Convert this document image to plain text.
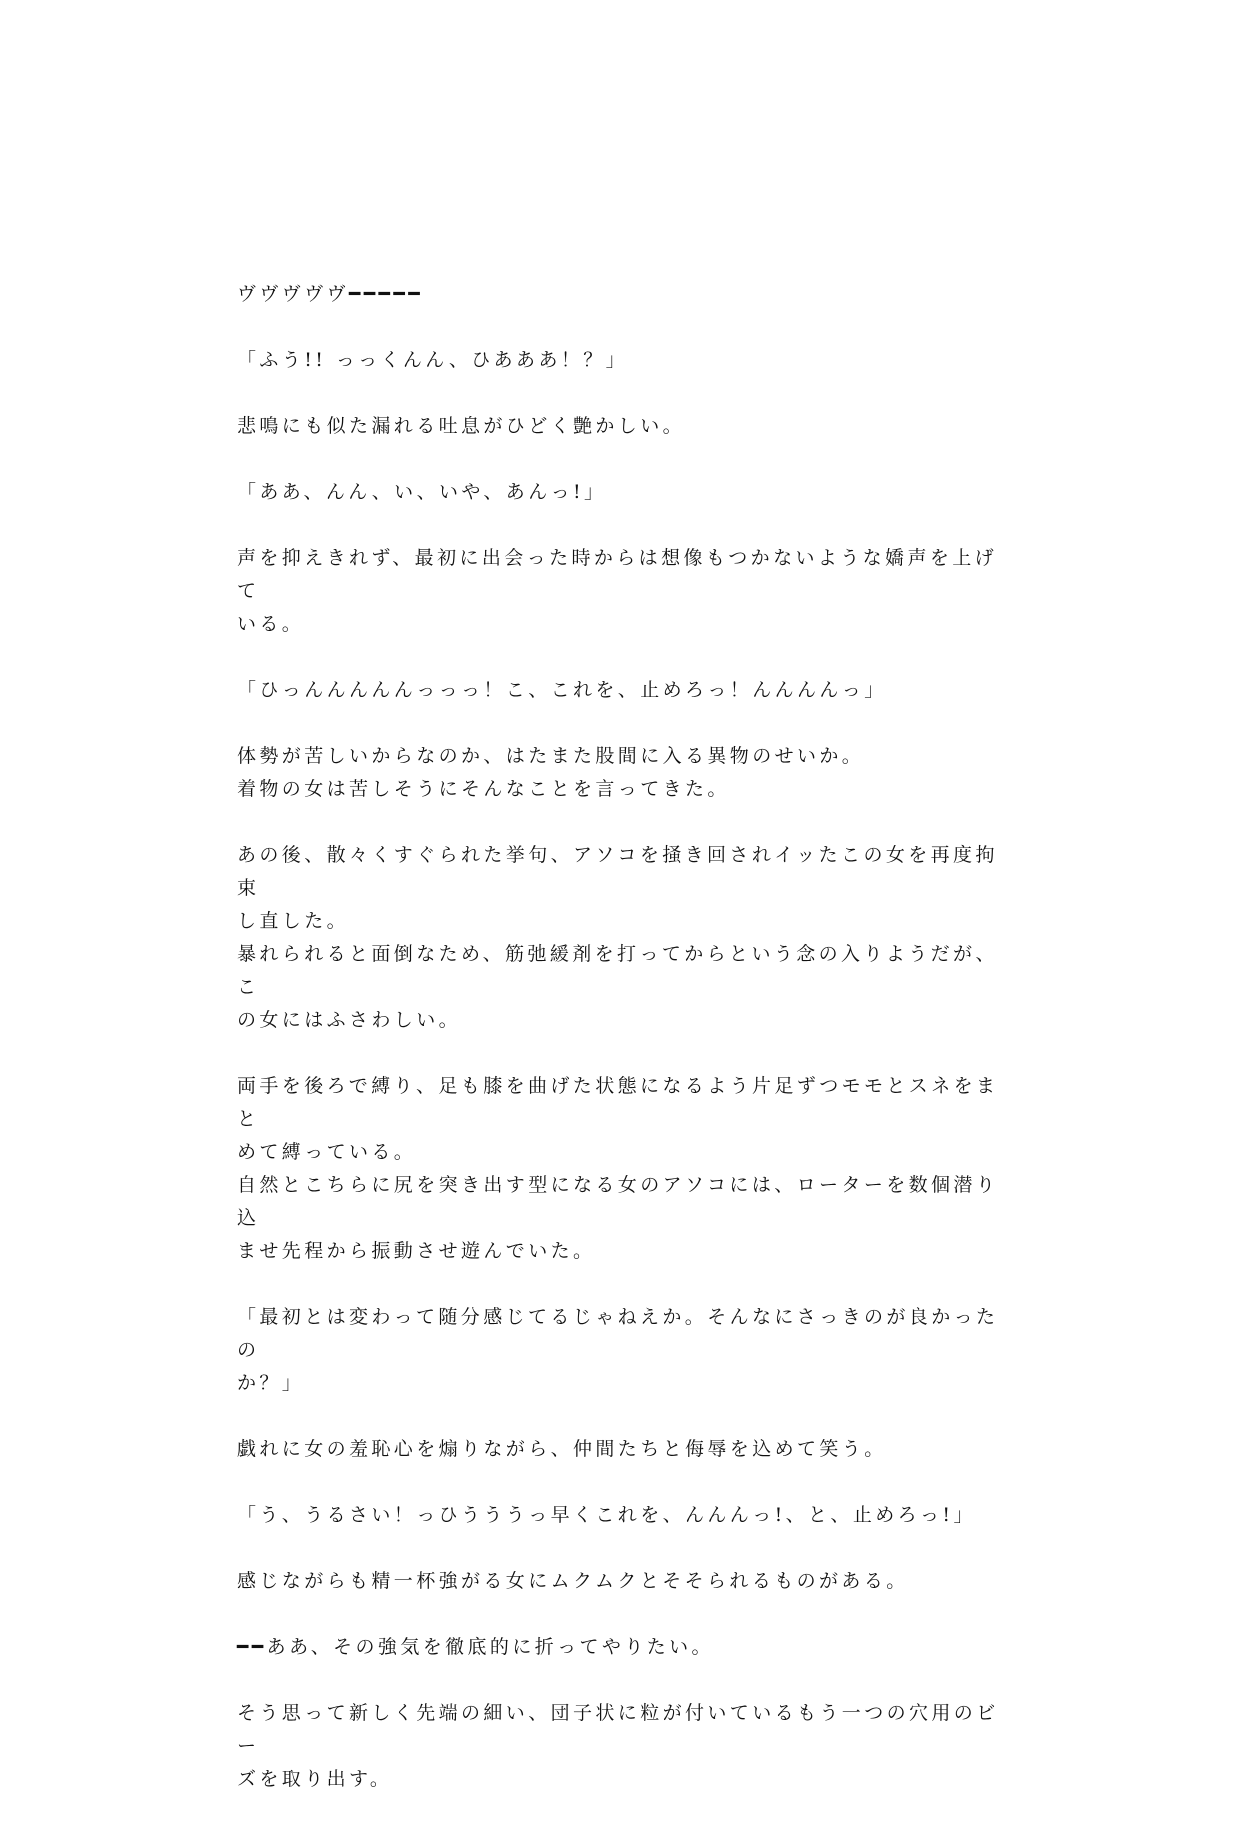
ヴヴヴヴヴ━━━━━

「ふう!! っっくんん、ひあああ！？」

悲鳴にも似た漏れる吐息がひどく艶かしい。

「ああ、んん、い、いや、あんっ!」

声を抑えきれず、最初に出会った時からは想像もつかないような嬌声を上げて
いる。

「ひっんんんんんっっっ！こ、これを、止めろっ！んんんんっ」

体勢が苦しいからなのか、はたまた股間に入る異物のせいか。
着物の女は苦しそうにそんなことを言ってきた。

あの後、散々くすぐられた挙句、アソコを掻き回されイッたこの女を再度拘束
し直した。
暴れられると面倒なため、筋弛緩剤を打ってからという念の入りようだが、こ
の女にはふさわしい。

両手を後ろで縛り、足も膝を曲げた状態になるよう片足ずつモモとスネをまと
めて縛っている。
自然とこちらに尻を突き出す型になる女のアソコには、ローターを数個潜り込
ませ先程から振動させ遊んでいた。

「最初とは変わって随分感じてるじゃねえか。そんなにさっきのが良かったの
か？」

戯れに女の羞恥心を煽りながら、仲間たちと侮辱を込めて笑う。

「う、うるさい！っひうううっ早くこれを、んんんっ!、と、止めろっ!」

感じながらも精一杯強がる女にムクムクとそそられるものがある。

━━ああ、その強気を徹底的に折ってやりたい。

そう思って新しく先端の細い、団子状に粒が付いているもう一つの穴用のビー
ズを取り出す。
